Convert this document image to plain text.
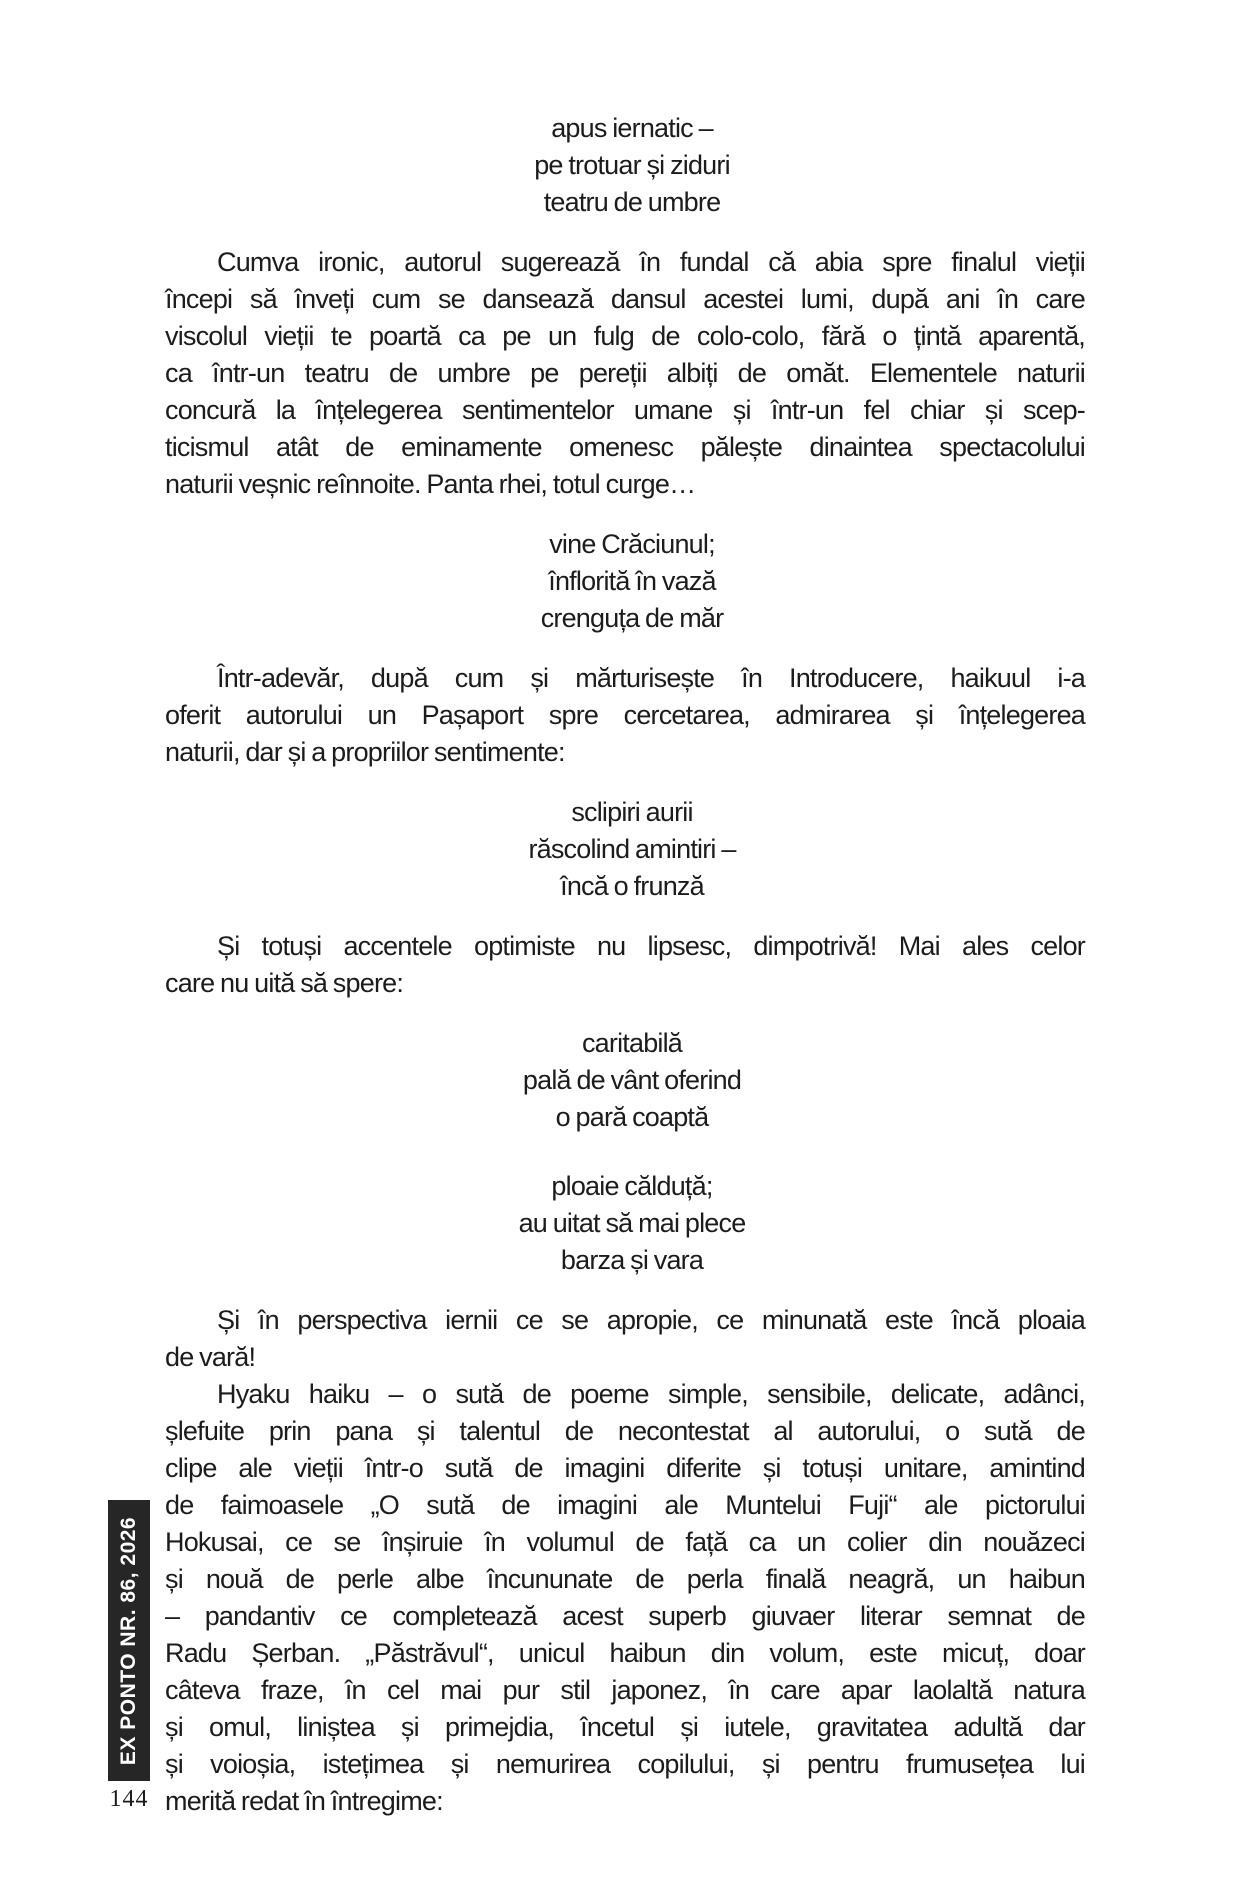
apus iernatic –
pe trotuar și ziduri
teatru de umbre
Cumva ironic, autorul sugerează în fundal că abia spre finalul vieții
începi să înveți cum se dansează dansul acestei lumi, după ani în care
viscolul vieții te poartă ca pe un fulg de colo-colo, fără o țintă aparentă,
ca într-un teatru de umbre pe pereții albiți de omăt. Elementele naturii
concură la înțelegerea sentimentelor umane și într-un fel chiar și scep-
ticismul atât de eminamente omenesc pălește dinaintea spectacolului
naturii veșnic reînnoite. Panta rhei, totul curge…
vine Crăciunul;
înflorită în vază
crenguța de măr
Într-adevăr, după cum și mărturisește în Introducere, haikuul i-a
oferit autorului un Pașaport spre cercetarea, admirarea și înțelegerea
naturii, dar și a propriilor sentimente:
sclipiri aurii
răscolind amintiri –
încă o frunză
Și totuși accentele optimiste nu lipsesc, dimpotrivă! Mai ales celor
care nu uită să spere:
caritabilă
pală de vânt oferind
o pară coaptă
ploaie călduță;
au uitat să mai plece
barza și vara
Și în perspectiva iernii ce se apropie, ce minunată este încă ploaia
de vară!
Hyaku haiku – o sută de poeme simple, sensibile, delicate, adânci,
șlefuite prin pana și talentul de necontestat al autorului, o sută de
clipe ale vieții într-o sută de imagini diferite și totuși unitare, amintind
de faimoasele „O sută de imagini ale Muntelui Fuji“ ale pictorului
Hokusai, ce se înșiruie în volumul de față ca un colier din nouăzeci
și nouă de perle albe încununate de perla finală neagră, un haibun
– pandantiv ce completează acest superb giuvaer literar semnat de
Radu Șerban. „Păstrăvul“, unicul haibun din volum, este micuț, doar
câteva fraze, în cel mai pur stil japonez, în care apar laolaltă natura
și omul, liniștea și primejdia, încetul și iutele, gravitatea adultă dar
și voioșia, istețimea și nemurirea copilului, și pentru frumusețea lui
merită redat în întregime:
EX PONTO NR. 86, 2026
144
